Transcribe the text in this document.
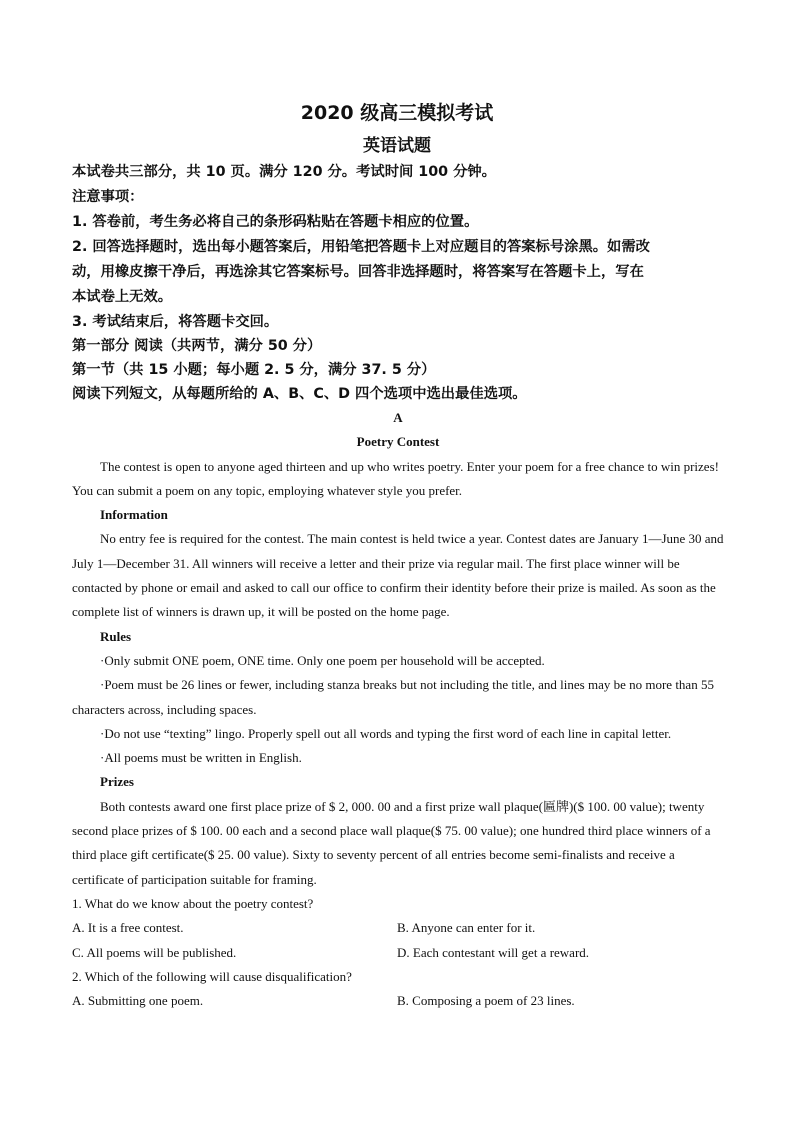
2020 级高三模拟考试
英语试题
本试卷共三部分，共 10 页。满分 120 分。考试时间 100 分钟。
注意事项：
1. 答卷前，考生务必将自己的条形码粘贴在答题卡相应的位置。
2. 回答选择题时，选出每小题答案后，用铅笔把答题卡上对应题目的答案标号涂黑。如需改
动，用橡皮擦干净后，再选涂其它答案标号。回答非选择题时，将答案写在答题卡上，写在
本试卷上无效。
3. 考试结束后，将答题卡交回。
第一部分 阅读（共两节，满分 50 分）
第一节（共 15 小题；每小题 2. 5 分，满分 37. 5 分）
阅读下列短文，从每题所给的 A、B、C、D 四个选项中选出最佳选项。

A

Poetry Contest

The contest is open to anyone aged thirteen and up who writes poetry. Enter your poem for a free chance to win prizes! You can submit a poem on any topic, employing whatever style you prefer.

Information

No entry fee is required for the contest. The main contest is held twice a year. Contest dates are January 1—June 30 and July 1—December 31. All winners will receive a letter and their prize via regular mail. The first place winner will be contacted by phone or email and asked to call our office to confirm their identity before their prize is mailed. As soon as the complete list of winners is drawn up, it will be posted on the home page.

Rules

·Only submit ONE poem, ONE time. Only one poem per household will be accepted.

·Poem must be 26 lines or fewer, including stanza breaks but not including the title, and lines may be no more than 55 characters across, including spaces.

·Do not use “texting” lingo. Properly spell out all words and typing the first word of each line in capital letter.

·All poems must be written in English.

Prizes

Both contests award one first place prize of $ 2, 000. 00 and a first prize wall plaque(匾牌)($ 100. 00 value); twenty second place prizes of $ 100. 00 each and a second place wall plaque($ 75. 00 value); one hundred third place winners of a third place gift certificate($ 25. 00 value). Sixty to seventy percent of all entries become semi-finalists and receive a certificate of participation suitable for framing.

1. What do we know about the poetry contest?

A. It is a free contest.	B. Anyone can enter for it.
C. All poems will be published.	D. Each contestant will get a reward.

2. Which of the following will cause disqualification?

A. Submitting one poem.	B. Composing a poem of 23 lines.
